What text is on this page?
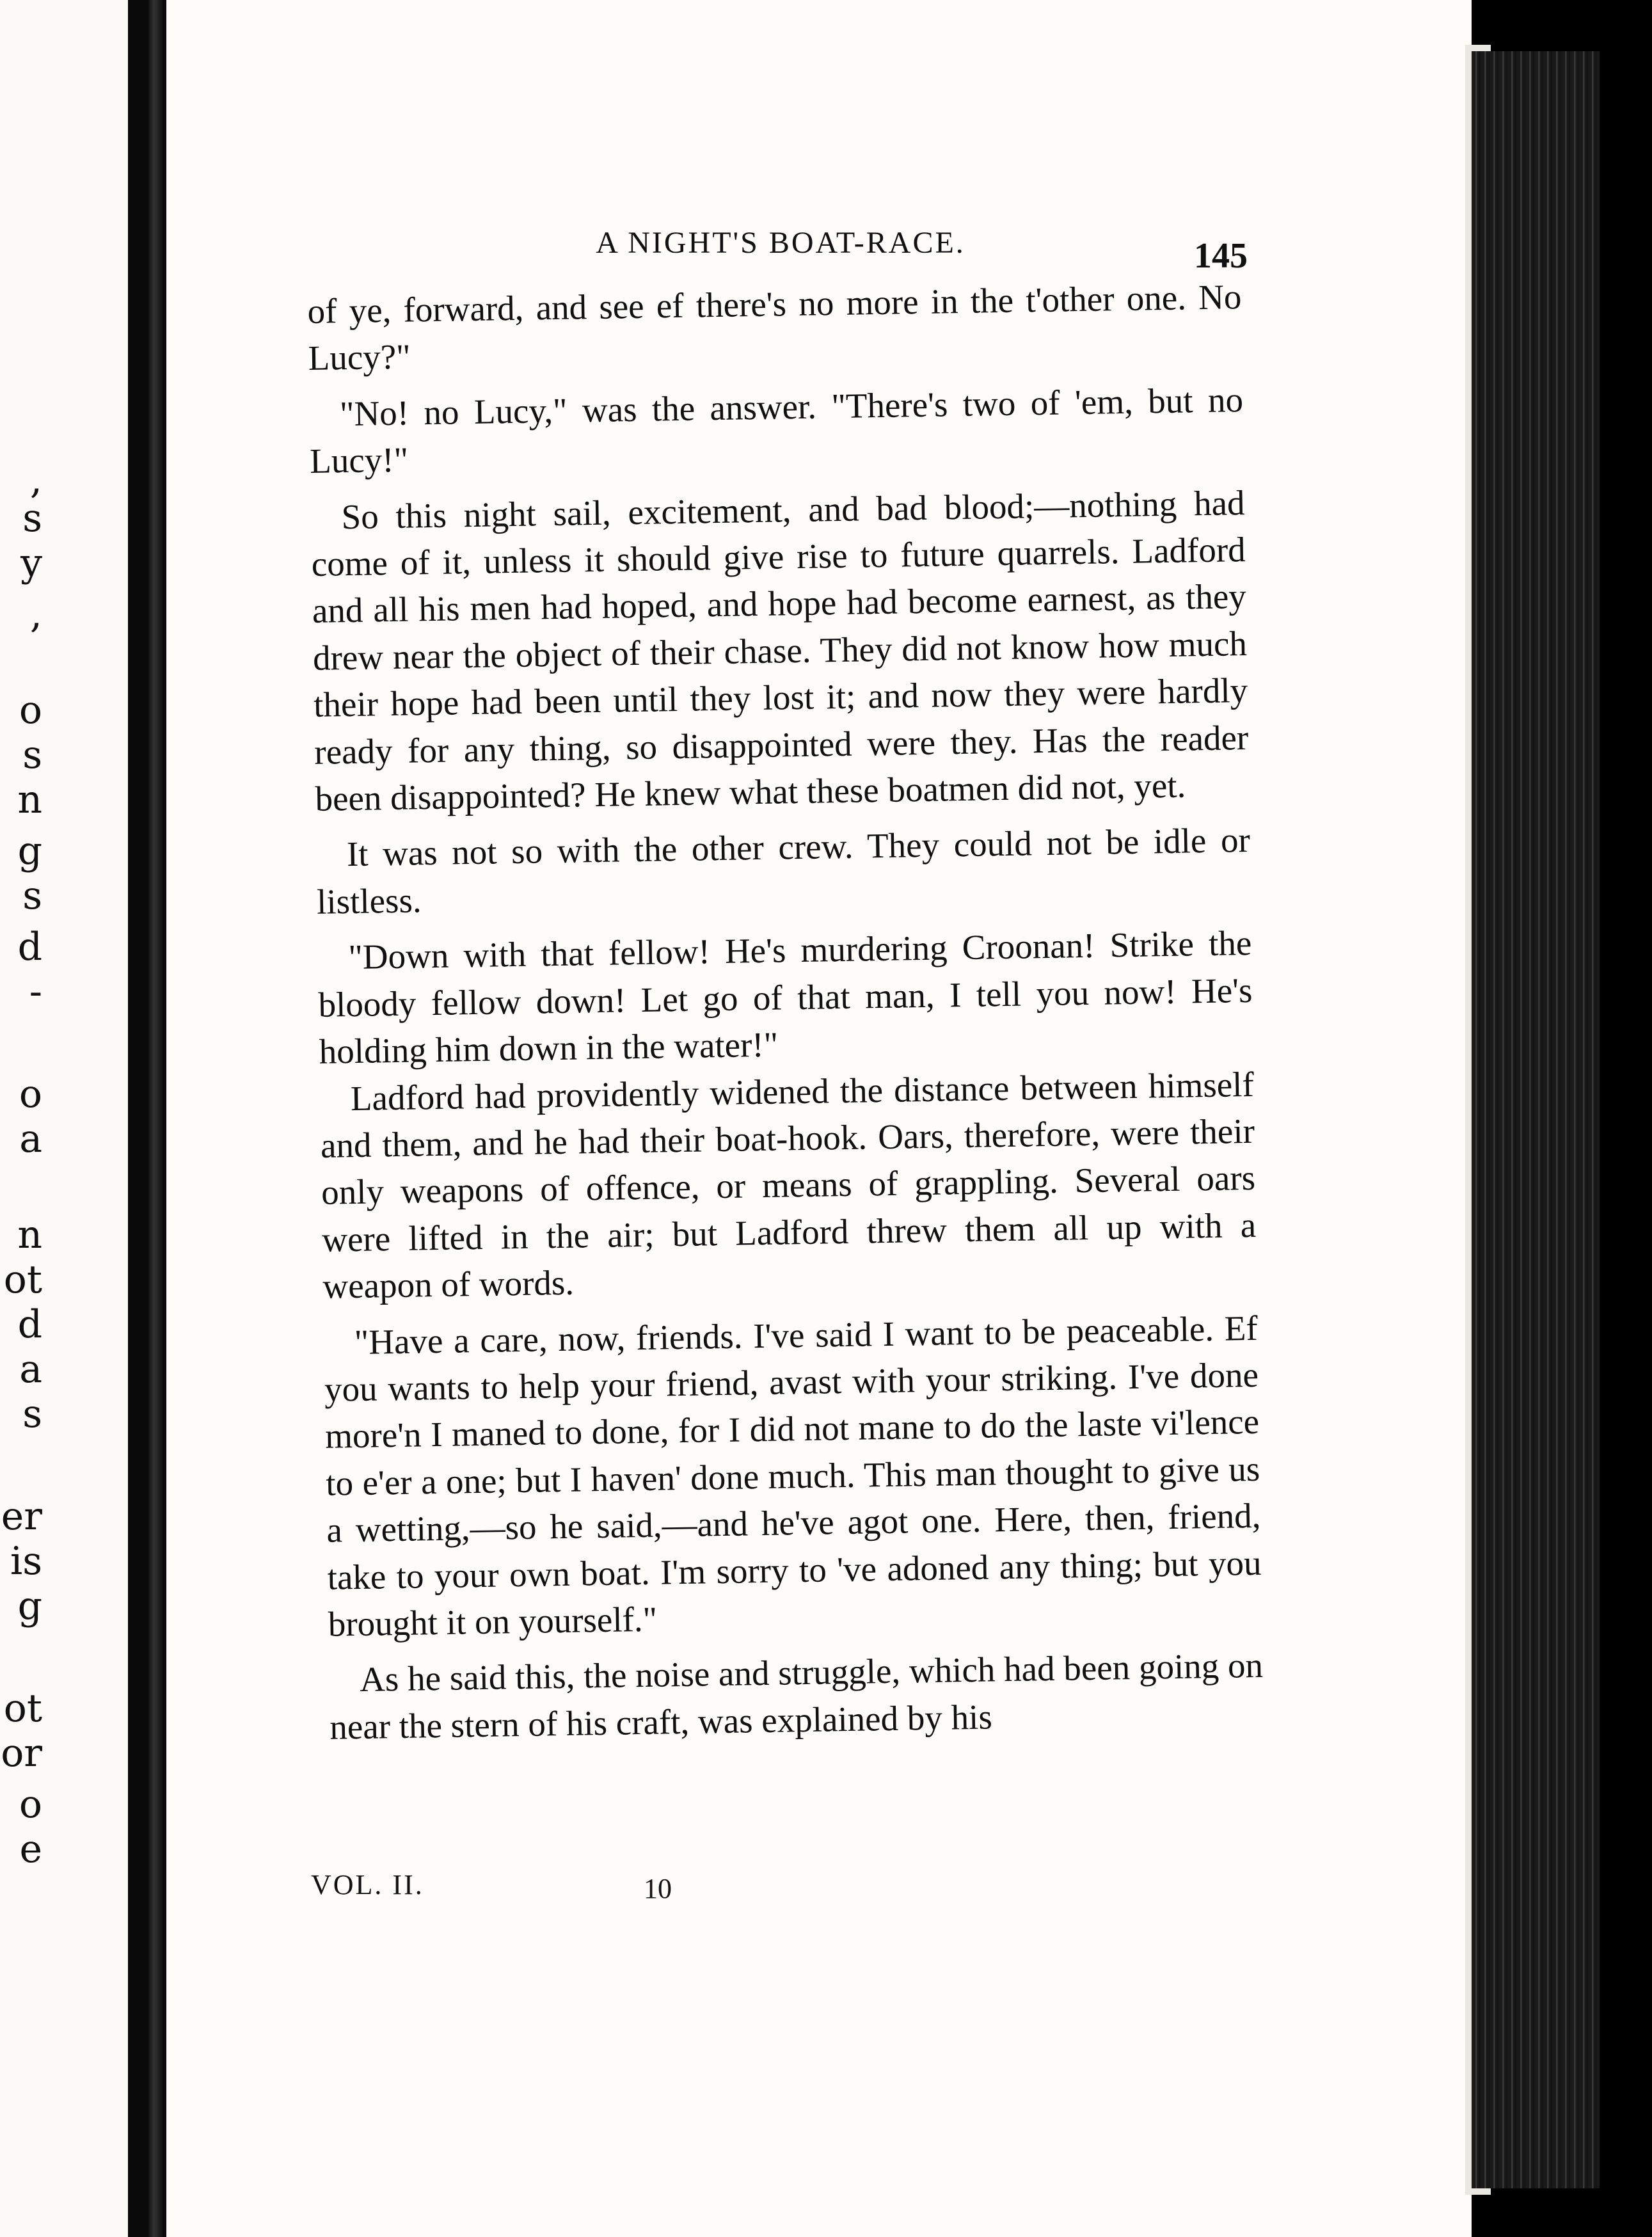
,
s
y
,
o
s
n
g
s
d
-
o
a
n
ot
d
a
s
er
is
g
ot
or
o
e
A NIGHT'S BOAT-RACE.	145

of ye, forward, and see ef there's no more in the t'other one. No Lucy?"

"No! no Lucy," was the answer. "There's two of 'em, but no Lucy!"

So this night sail, excitement, and bad blood;—nothing had come of it, unless it should give rise to future quarrels. Ladford and all his men had hoped, and hope had become earnest, as they drew near the object of their chase. They did not know how much their hope had been until they lost it; and now they were hardly ready for any thing, so disappointed were they. Has the reader been disappointed? He knew what these boatmen did not, yet.

It was not so with the other crew. They could not be idle or listless.

"Down with that fellow! He's murdering Croonan! Strike the bloody fellow down! Let go of that man, I tell you now! He's holding him down in the water!"

Ladford had providently widened the distance between himself and them, and he had their boat-hook. Oars, therefore, were their only weapons of offence, or means of grappling. Several oars were lifted in the air; but Ladford threw them all up with a weapon of words.

"Have a care, now, friends. I've said I want to be peaceable. Ef you wants to help your friend, avast with your striking. I've done more'n I maned to done, for I did not mane to do the laste vi'lence to e'er a one; but I haven' done much. This man thought to give us a wetting,—so he said,—and he've agot one. Here, then, friend, take to your own boat. I'm sorry to 've adoned any thing; but you brought it on yourself."

As he said this, the noise and struggle, which had been going on near the stern of his craft, was explained by his

VOL. II.	10
